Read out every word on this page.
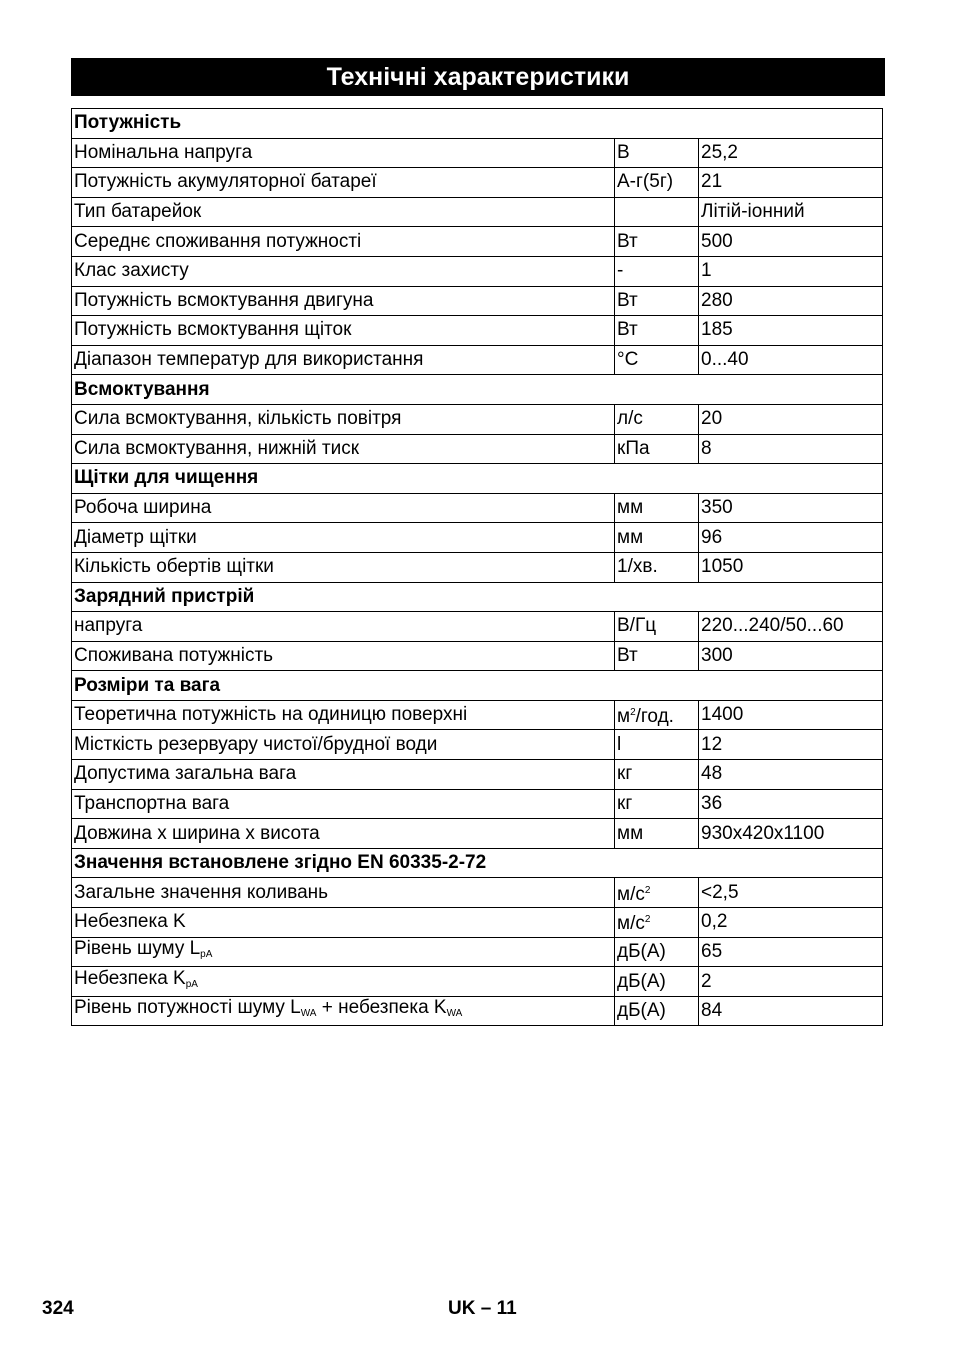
Технічні характеристики
Потужність		
Номінальна напруга	В	25,2
Потужність акумуляторної батареї	А-г(5г)	21
Тип батарейок		Літій-іонний
Середнє споживання потужності	Вт	500
Клас захисту	-	1
Потужність всмоктування двигуна	Вт	280
Потужність всмоктування щіток	Вт	185
Діапазон температур для використання	°C	0...40
Всмоктування		
Сила всмоктування, кількість повітря	л/с	20
Сила всмоктування, нижній тиск	кПа	8
Щітки для чищення		
Робоча ширина	мм	350
Діаметр щітки	мм	96
Кількість обертів щітки	1/хв.	1050
Зарядний пристрій		
напруга	В/Гц	220...240/50...60
Споживана потужність	Вт	300
Розміри та вага		
Теоретична потужність на одиницю поверхні	$м^2$/год.	1400
Місткість резервуару чистої/брудної води	l	12
Допустима загальна вага	кг	48
Транспортна вага	кг	36
Довжина х ширина х висота	мм	930x420x1100
Значення встановлене згідно EN 60335-2-72		
Загальне значення коливань	$м/с^2$	<2,5
Небезпека K	$м/с^2$	0,2
Рівень шуму $L_{pA}$	дБ(А)	65
Небезпека $K_{pA}$	дБ(А)	2
Рівень потужності шуму $L_{WA}$ + небезпека $K_{WA}$	дБ(А)	84
324	UK – 11
